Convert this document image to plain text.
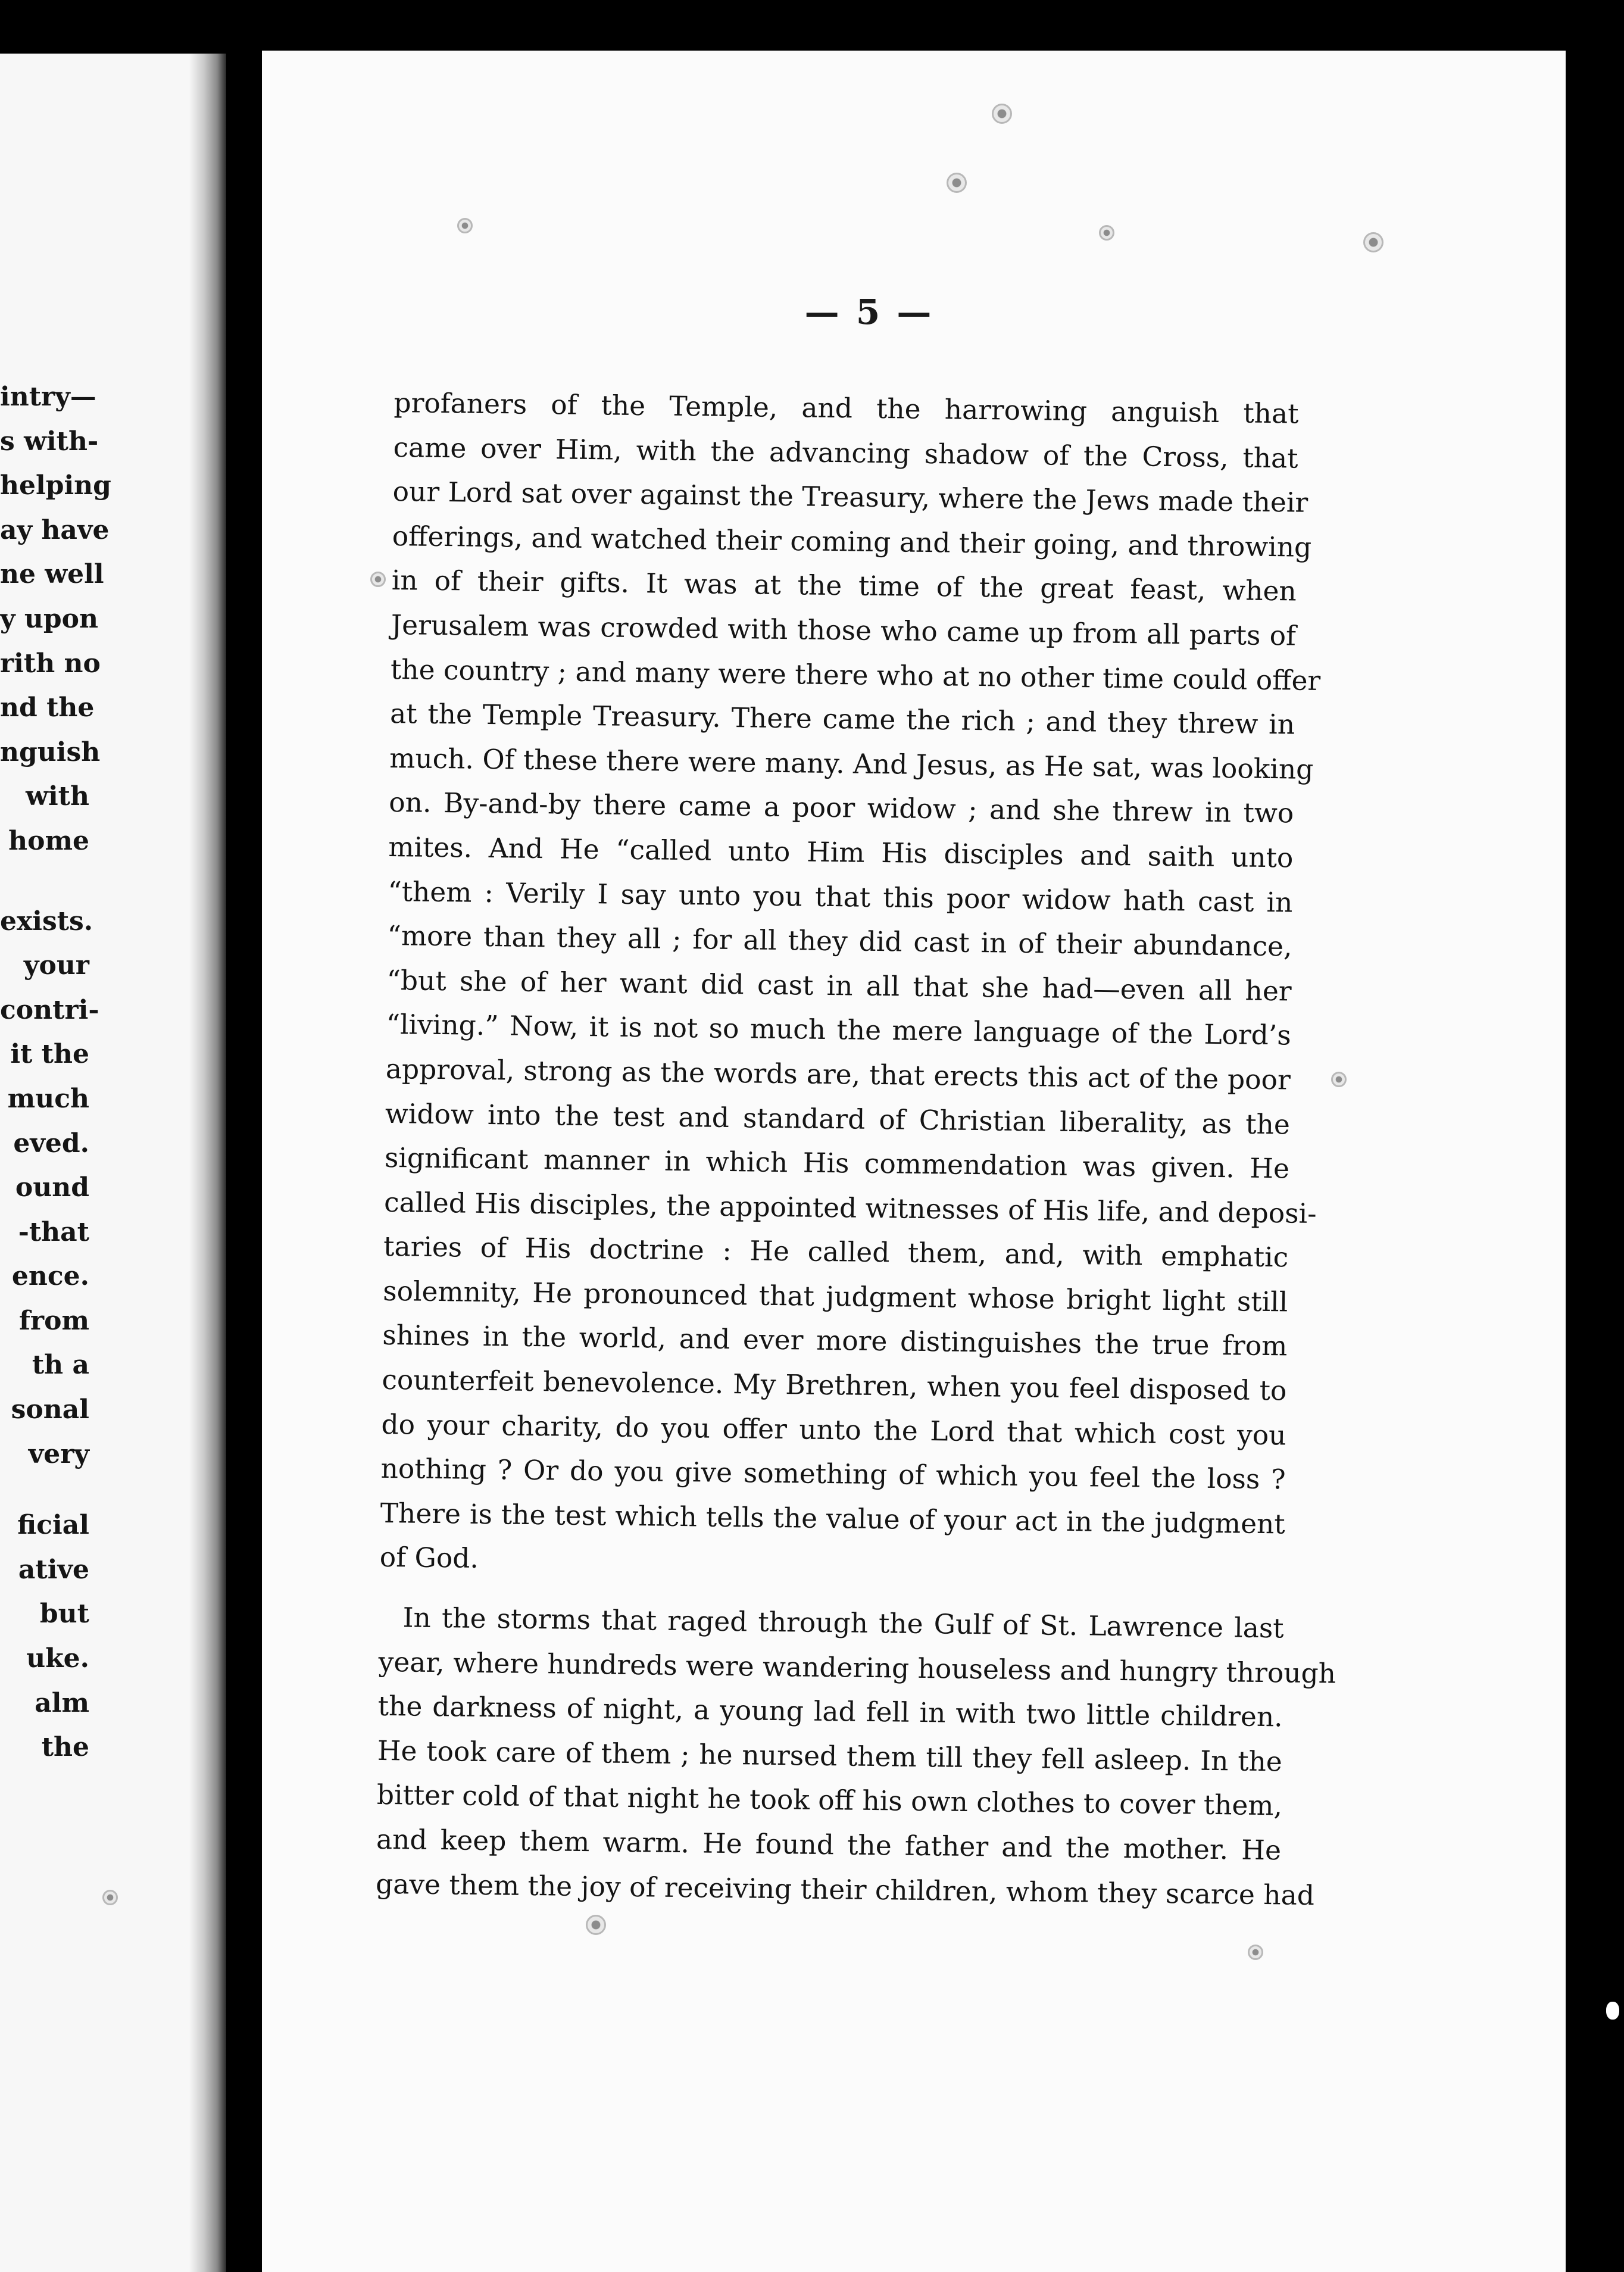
intry—
s with-
helping
ay have
ne well
y upon
rith no
nd the
nguish
with
home
exists.
your
contri-
it the
much
eved.
ound
-that
ence.
from
th a
sonal
very
ficial
ative
but
uke.
alm
the
— 5 —
profaners of the Temple, and the harrowing anguish that
came over Him, with the advancing shadow of the Cross, that
our Lord sat over against the Treasury, where the Jews made their
offerings, and watched their coming and their going, and throwing
in of their gifts. It was at the time of the great feast, when
Jerusalem was crowded with those who came up from all parts of
the country ; and many were there who at no other time could offer
at the Temple Treasury. There came the rich ; and they threw in
much. Of these there were many. And Jesus, as He sat, was looking
on. By-and-by there came a poor widow ; and she threw in two
mites. And He “called unto Him His disciples and saith unto
“them : Verily I say unto you that this poor widow hath cast in
“more than they all ; for all they did cast in of their abundance,
“but she of her want did cast in all that she had—even all her
“living.” Now, it is not so much the mere language of the Lord’s
approval, strong as the words are, that erects this act of the poor
widow into the test and standard of Christian liberality, as the
significant manner in which His commendation was given. He
called His disciples, the appointed witnesses of His life, and deposi-
taries of His doctrine : He called them, and, with emphatic
solemnity, He pronounced that judgment whose bright light still
shines in the world, and ever more distinguishes the true from
counterfeit benevolence. My Brethren, when you feel disposed to
do your charity, do you offer unto the Lord that which cost you
nothing ? Or do you give something of which you feel the loss ?
There is the test which tells the value of your act in the judgment
of God.
In the storms that raged through the Gulf of St. Lawrence last
year, where hundreds were wandering houseless and hungry through
the darkness of night, a young lad fell in with two little children.
He took care of them ; he nursed them till they fell asleep. In the
bitter cold of that night he took off his own clothes to cover them,
and keep them warm. He found the father and the mother. He
gave them the joy of receiving their children, whom they scarce had
